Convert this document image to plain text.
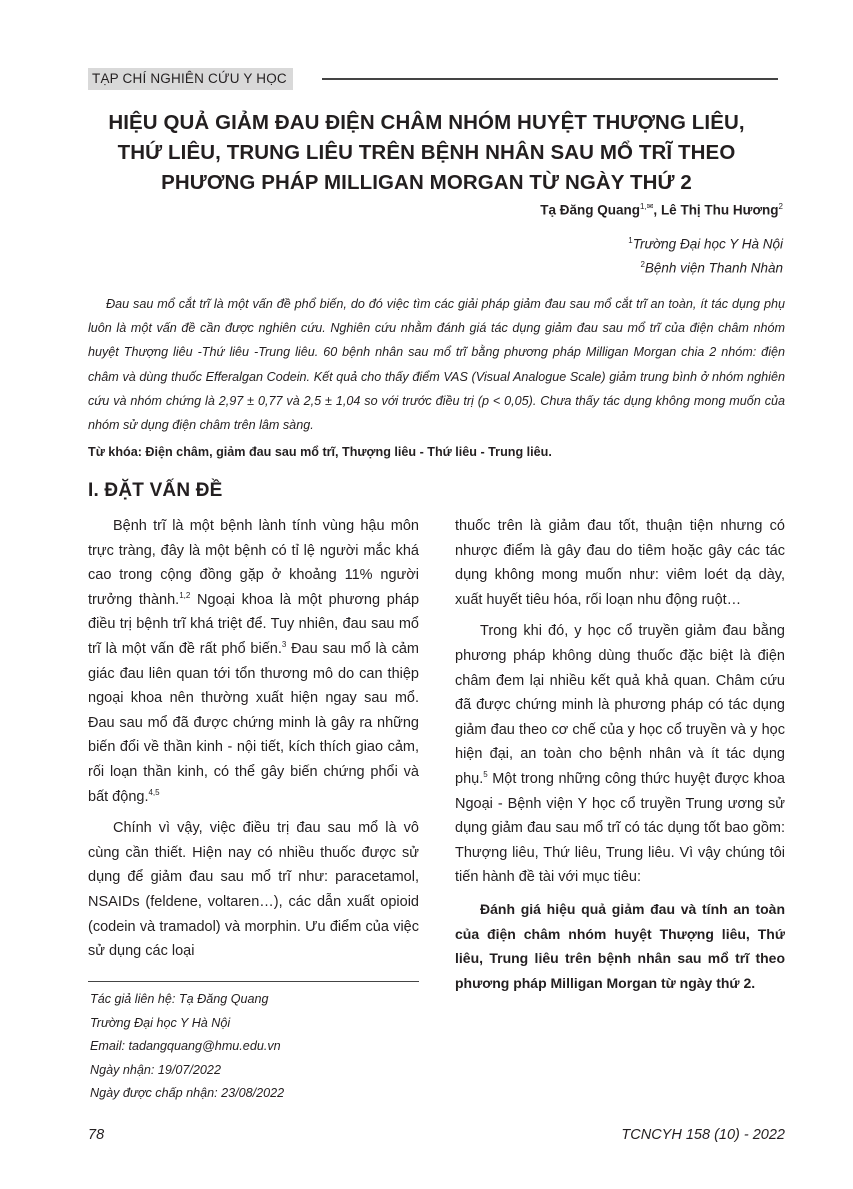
TẠP CHÍ NGHIÊN CỨU Y HỌC
HIỆU QUẢ GIẢM ĐAU ĐIỆN CHÂM NHÓM HUYỆT THƯỢNG LIÊU,
THỨ LIÊU, TRUNG LIÊU TRÊN BỆNH NHÂN SAU MỔ TRĨ THEO
PHƯƠNG PHÁP MILLIGAN MORGAN TỪ NGÀY THỨ 2
Tạ Đăng Quang$^{1,✉}$, Lê Thị Thu Hương$^2$
$^1$Trường Đại học Y Hà Nội
$^2$Bệnh viện Thanh Nhàn

Đau sau mổ cắt trĩ là một vấn đề phổ biến, do đó việc tìm các giải pháp giảm đau sau mổ cắt trĩ an toàn, ít tác dụng phụ luôn là một vấn đề cần được nghiên cứu. Nghiên cứu nhằm đánh giá tác dụng giảm đau sau mổ trĩ của điện châm nhóm huyệt Thượng liêu -Thứ liêu -Trung liêu. 60 bệnh nhân sau mổ trĩ bằng phương pháp Milligan Morgan chia 2 nhóm: điện châm và dùng thuốc Efferalgan Codein. Kết quả cho thấy điểm VAS (Visual Analogue Scale) giảm trung bình ở nhóm nghiên cứu và nhóm chứng là 2,97 ± 0,77 và 2,5 ± 1,04 so với trước điều trị (p < 0,05). Chưa thấy tác dụng không mong muốn của nhóm sử dụng điện châm trên lâm sàng.

Từ khóa: Điện châm, giảm đau sau mổ trĩ, Thượng liêu - Thứ liêu - Trung liêu.

I. ĐẶT VẤN ĐỀ

Bệnh trĩ là một bệnh lành tính vùng hậu môn trực tràng, đây là một bệnh có tỉ lệ người mắc khá cao trong cộng đồng gặp ở khoảng 11% người trưởng thành.$^{1,2}$ Ngoại khoa là một phương pháp điều trị bệnh trĩ khá triệt để. Tuy nhiên, đau sau mổ trĩ là một vấn đề rất phổ biến.$^3$ Đau sau mổ là cảm giác đau liên quan tới tổn thương mô do can thiệp ngoại khoa nên thường xuất hiện ngay sau mổ. Đau sau mổ đã được chứng minh là gây ra những biến đổi về thần kinh - nội tiết, kích thích giao cảm, rối loạn thần kinh, có thể gây biến chứng phổi và bất động.$^{4,5}$

Chính vì vậy, việc điều trị đau sau mổ là vô cùng cần thiết. Hiện nay có nhiều thuốc được sử dụng để giảm đau sau mổ trĩ như: paracetamol, NSAIDs (feldene, voltaren…), các dẫn xuất opioid (codein và tramadol) và morphin. Ưu điểm của việc sử dụng các loại

Tác giả liên hệ: Tạ Đăng Quang
Trường Đại học Y Hà Nội
Email: tadangquang@hmu.edu.vn
Ngày nhận: 19/07/2022
Ngày được chấp nhận: 23/08/2022

thuốc trên là giảm đau tốt, thuận tiện nhưng có nhược điểm là gây đau do tiêm hoặc gây các tác dụng không mong muốn như: viêm loét dạ dày, xuất huyết tiêu hóa, rối loạn nhu động ruột…

Trong khi đó, y học cổ truyền giảm đau bằng phương pháp không dùng thuốc đặc biệt là điện châm đem lại nhiều kết quả khả quan. Châm cứu đã được chứng minh là phương pháp có tác dụng giảm đau theo cơ chế của y học cổ truyền và y học hiện đại, an toàn cho bệnh nhân và ít tác dụng phụ.$^5$ Một trong những công thức huyệt được khoa Ngoại - Bệnh viện Y học cổ truyền Trung ương sử dụng giảm đau sau mổ trĩ có tác dụng tốt bao gồm: Thượng liêu, Thứ liêu, Trung liêu. Vì vậy chúng tôi tiến hành đề tài với mục tiêu:

Đánh giá hiệu quả giảm đau và tính an toàn của điện châm nhóm huyệt Thượng liêu, Thứ liêu, Trung liêu trên bệnh nhân sau mổ trĩ theo phương pháp Milligan Morgan từ ngày thứ 2.

78	TCNCYH 158 (10) - 2022
